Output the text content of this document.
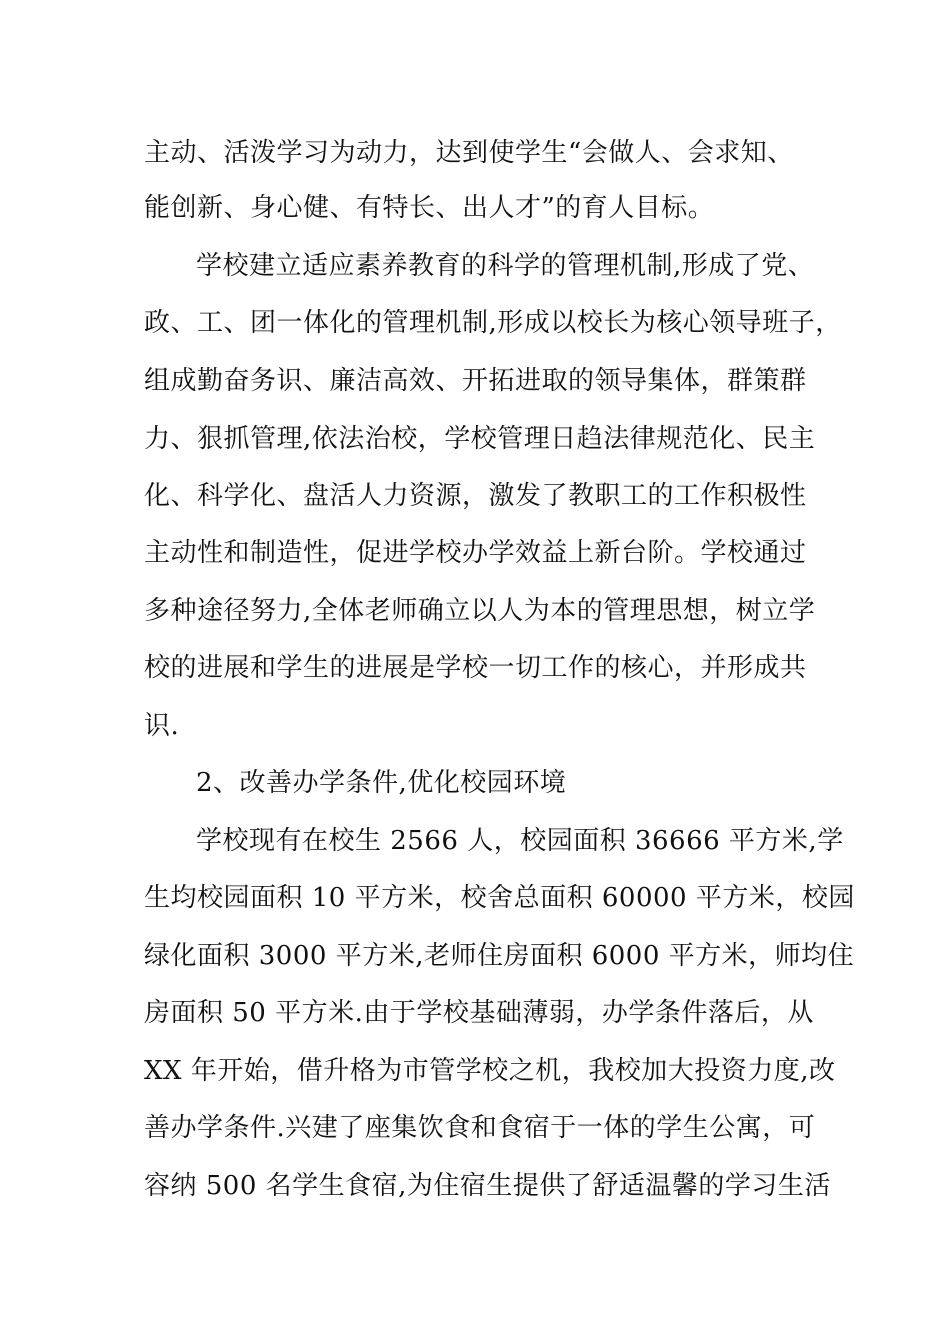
主动、活泼学习为动力，达到使学生“会做人、会求知、
能创新、身心健、有特长、出人才”的育人目标。
学校建立适应素养教育的科学的管理机制,形成了党、
政、工、团一体化的管理机制,形成以校长为核心领导班子，
组成勤奋务识、廉洁高效、开拓进取的领导集体，群策群
力、狠抓管理,依法治校，学校管理日趋法律规范化、民主
化、科学化、盘活人力资源，激发了教职工的工作积极性
主动性和制造性，促进学校办学效益上新台阶。学校通过
多种途径努力,全体老师确立以人为本的管理思想，树立学
校的进展和学生的进展是学校一切工作的核心，并形成共
识.
2、改善办学条件,优化校园环境
学校现有在校生 2566 人，校园面积 36666 平方米,学
生均校园面积 10 平方米，校舍总面积 60000 平方米，校园
绿化面积 3000 平方米,老师住房面积 6000 平方米，师均住
房面积 50 平方米.由于学校基础薄弱，办学条件落后，从
XX 年开始，借升格为市管学校之机，我校加大投资力度,改
善办学条件.兴建了座集饮食和食宿于一体的学生公寓，可
容纳 500 名学生食宿,为住宿生提供了舒适温馨的学习生活
